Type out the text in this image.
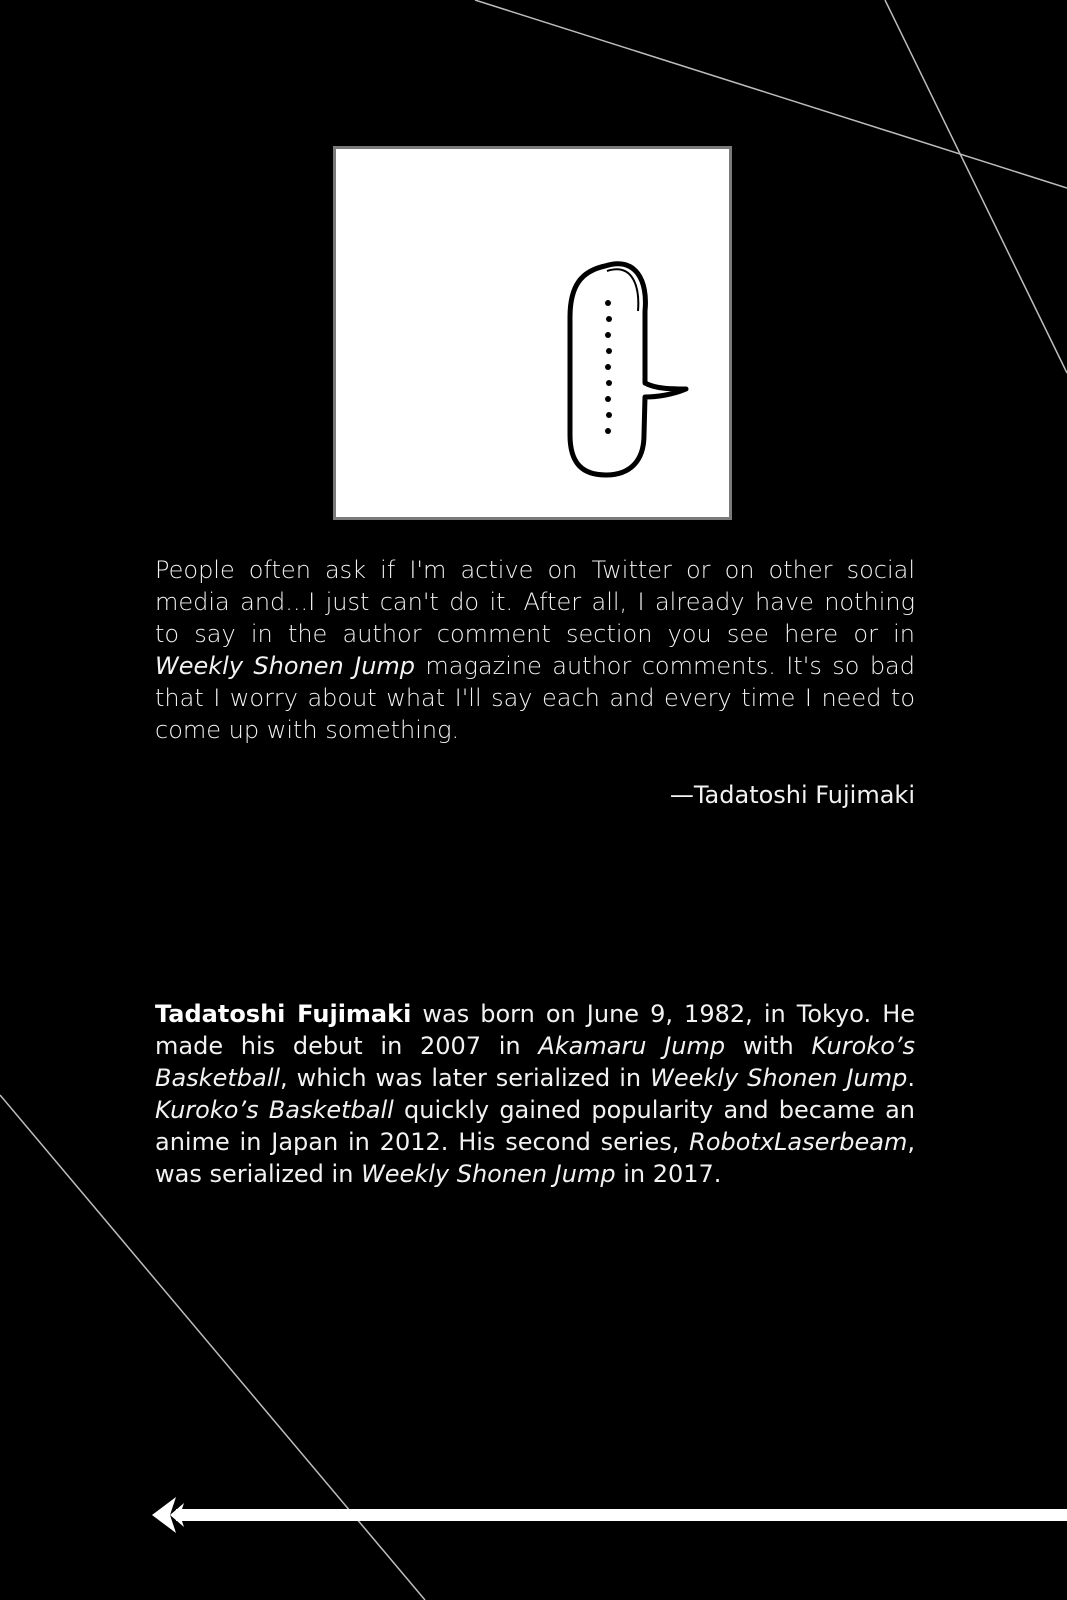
People often ask if I'm active on Twitter or on other social media and...I just can't do it. After all, I already have nothing to say in the author comment section you see here or in Weekly Shonen Jump magazine author comments. It's so bad that I worry about what I'll say each and every time I need to come up with something.

—Tadatoshi Fujimaki

Tadatoshi Fujimaki was born on June 9, 1982, in Tokyo. He made his debut in 2007 in Akamaru Jump with Kuroko’s Basketball, which was later serialized in Weekly Shonen Jump. Kuroko’s Basketball quickly gained popularity and became an anime in Japan in 2012. His second series, RobotxLaserbeam, was serialized in Weekly Shonen Jump in 2017.
